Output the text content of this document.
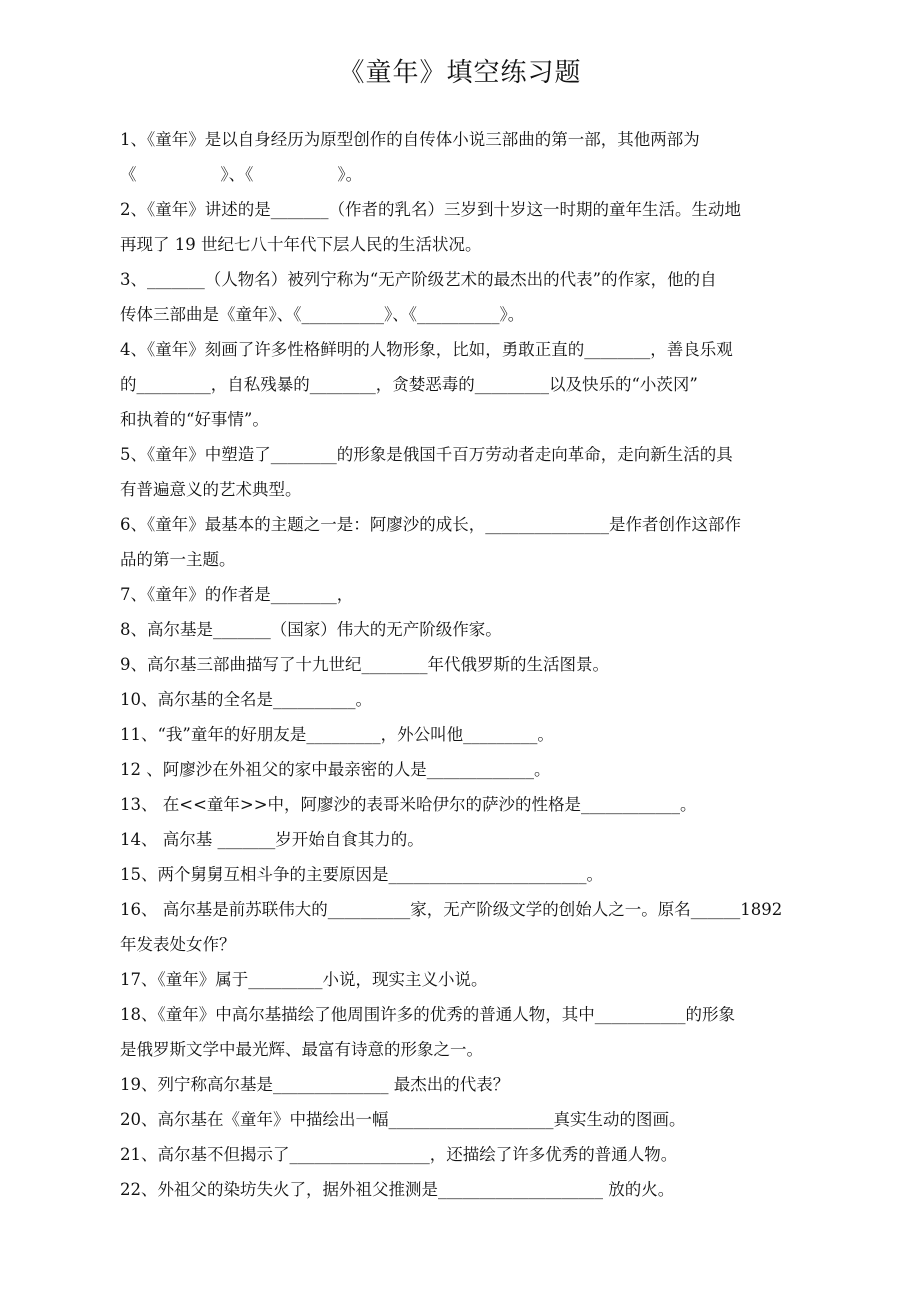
《童年》填空练习题
1、《童年》是以自身经历为原型创作的自传体小说三部曲的第一部，其他两部为
《                》、《                》。
2、《童年》讲述的是_______（作者的乳名）三岁到十岁这一时期的童年生活。生动地
再现了 19 世纪七八十年代下层人民的生活状况。
3、_______（人物名）被列宁称为“无产阶级艺术的最杰出的代表”的作家，他的自
传体三部曲是《童年》、《__________》、《__________》。
4、《童年》刻画了许多性格鲜明的人物形象，比如，勇敢正直的________，善良乐观
的_________，自私残暴的________，贪婪恶毒的_________以及快乐的“小茨冈”
和执着的“好事情”。
5、《童年》中塑造了________的形象是俄国千百万劳动者走向革命，走向新生活的具
有普遍意义的艺术典型。
6、《童年》最基本的主题之一是：阿廖沙的成长，_______________是作者创作这部作
品的第一主题。
7、《童年》的作者是________，
8、高尔基是_______（国家）伟大的无产阶级作家。
9、高尔基三部曲描写了十九世纪________年代俄罗斯的生活图景。
10、高尔基的全名是__________。
11、“我”童年的好朋友是_________，外公叫他_________。
12 、阿廖沙在外祖父的家中最亲密的人是_____________。
13、 在<<童年>>中，阿廖沙的表哥米哈伊尔的萨沙的性格是____________。
14、 高尔基 _______岁开始自食其力的。
15、两个舅舅互相斗争的主要原因是________________________。
16、 高尔基是前苏联伟大的__________家，无产阶级文学的创始人之一。原名______1892
年发表处女作？
17、《童年》属于_________小说，现实主义小说。
18、《童年》中高尔基描绘了他周围许多的优秀的普通人物，其中___________的形象
是俄罗斯文学中最光辉、最富有诗意的形象之一。
19、列宁称高尔基是______________ 最杰出的代表？
20、高尔基在《童年》中描绘出一幅____________________真实生动的图画。
21、高尔基不但揭示了_________________，还描绘了许多优秀的普通人物。
22、外祖父的染坊失火了，据外祖父推测是____________________ 放的火。
